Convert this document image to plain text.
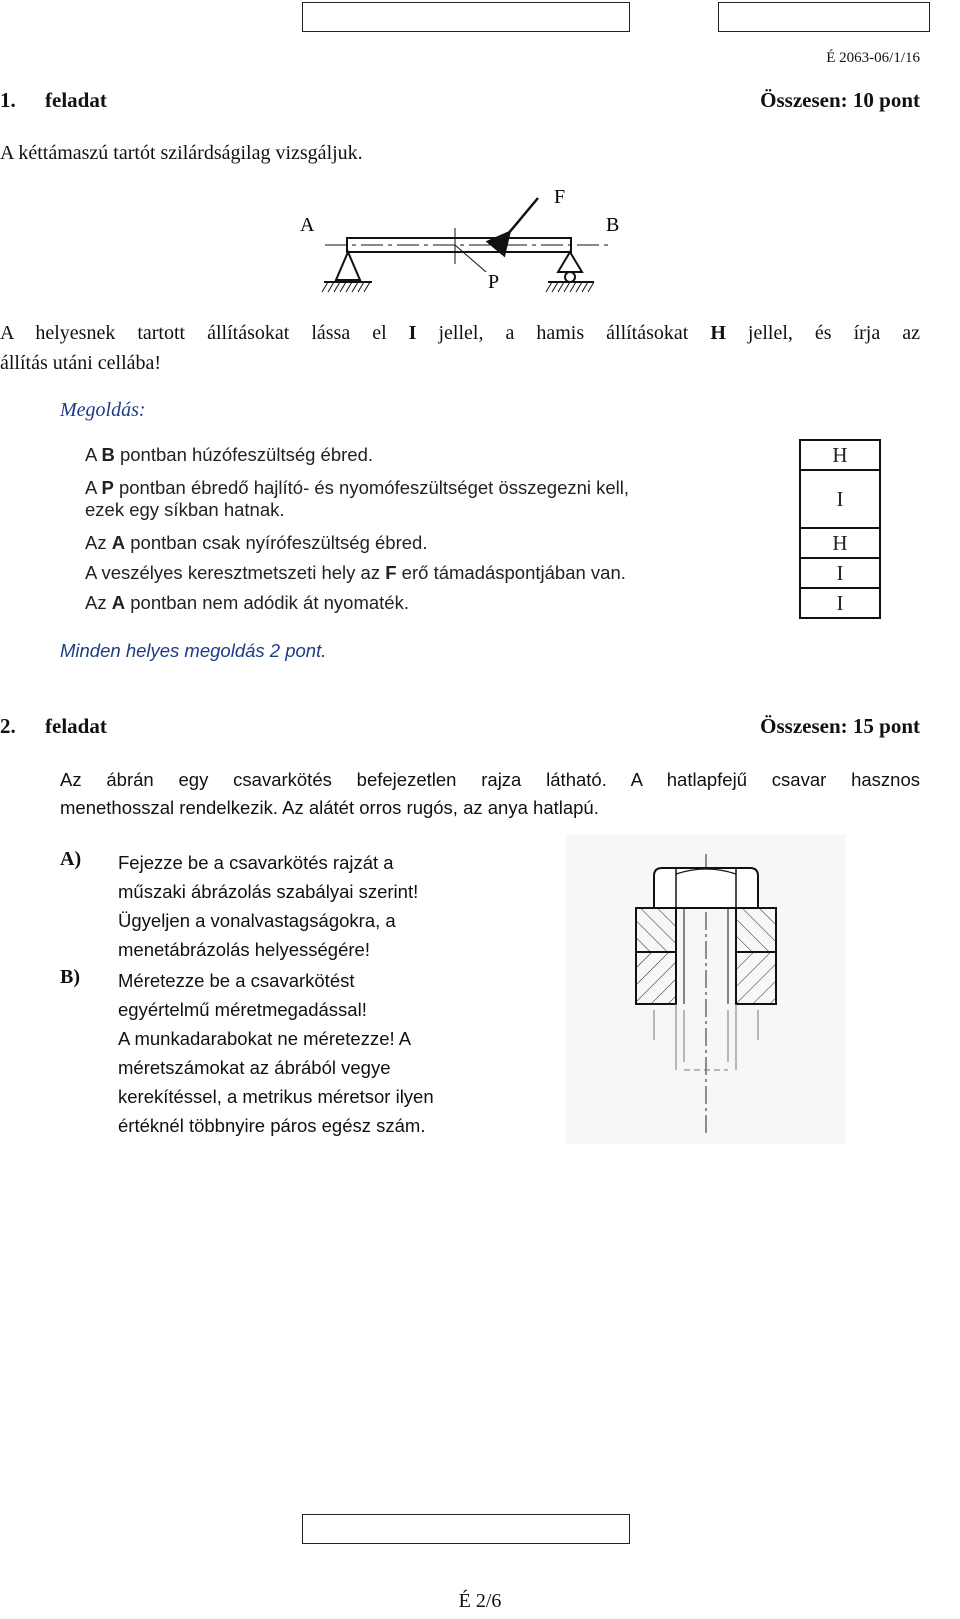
É 2063-06/1/16
1. feladat	Összesen: 10 pont
A kéttámaszú tartót szilárdságilag vizsgáljuk.
A
F
B
P
A helyesnek tartott állításokat lássa el I jellel, a hamis állításokat H jellel, és írja az
állítás utáni cellába!
Megoldás:
A B pontban húzófeszültség ébred.	H
A P pontban ébredő hajlító- és nyomófeszültséget összegezni kell,
ezek egy síkban hatnak.	I
Az A pontban csak nyírófeszültség ébred.	H
A veszélyes keresztmetszeti hely az F erő támadáspontjában van.	I
Az A pontban nem adódik át nyomaték.	I
Minden helyes megoldás 2 pont.
2. feladat	Összesen: 15 pont
Az ábrán egy csavarkötés befejezetlen rajza látható. A hatlapfejű csavar hasznos
menethosszal rendelkezik. Az alátét orros rugós, az anya hatlapú.
A) Fejezze be a csavarkötés rajzát a
műszaki ábrázolás szabályai szerint!
Ügyeljen a vonalvastagságokra, a
menetábrázolás helyességére!
B) Méretezze be a csavarkötést
egyértelmű méretmegadással!
A munkadarabokat ne méretezze! A
méretszámokat az ábrából vegye
kerekítéssel, a metrikus méretsor ilyen
értéknél többnyire páros egész szám.
É 2/6
